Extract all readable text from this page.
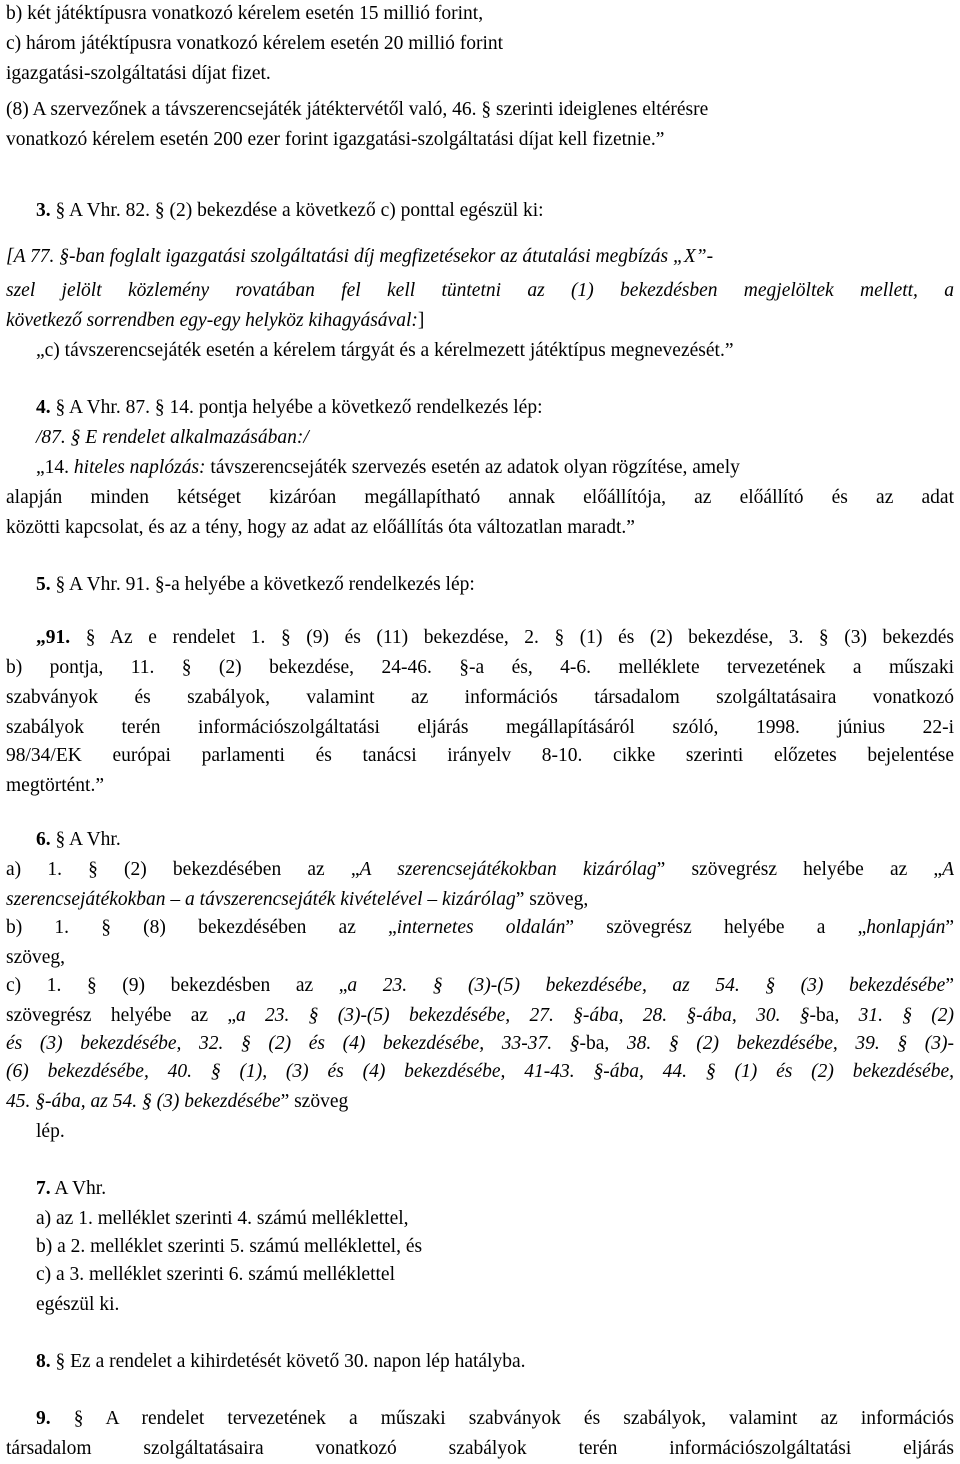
b) két játéktípusra vonatkozó kérelem esetén 15 millió forint,
c) három játéktípusra vonatkozó kérelem esetén 20 millió forint
igazgatási-szolgáltatási díjat fizet.
(8) A szervezőnek a távszerencsejáték játéktervétől való, 46. § szerinti ideiglenes eltérésre
vonatkozó kérelem esetén 200 ezer forint igazgatási-szolgáltatási díjat kell fizetnie.”
3. § A Vhr. 82. § (2) bekezdése a következő c) ponttal egészül ki:
[A 77. §-ban foglalt igazgatási szolgáltatási díj megfizetésekor az átutalási megbízás „X”-
szel jelölt közlemény rovatában fel kell tüntetni az (1) bekezdésben megjelöltek mellett, a
következő sorrendben egy-egy helyköz kihagyásával:]
„c) távszerencsejáték esetén a kérelem tárgyát és a kérelmezett játéktípus megnevezését.”
4. § A Vhr. 87. § 14. pontja helyébe a következő rendelkezés lép:
/87. § E rendelet alkalmazásában:/
„14. hiteles naplózás: távszerencsejáték szervezés esetén az adatok olyan rögzítése, amely
alapján minden kétséget kizáróan megállapítható annak előállítója, az előállító és az adat
közötti kapcsolat, és az a tény, hogy az adat az előállítás óta változatlan maradt.”
5. § A Vhr. 91. §-a helyébe a következő rendelkezés lép:
„91. § Az e rendelet 1. § (9) és (11) bekezdése, 2. § (1) és (2) bekezdése, 3. § (3) bekezdés
b) pontja, 11. § (2) bekezdése, 24-46. §-a és, 4-6. melléklete tervezetének a műszaki
szabványok és szabályok, valamint az információs társadalom szolgáltatásaira vonatkozó
szabályok terén információszolgáltatási eljárás megállapításáról szóló, 1998. június 22-i
98/34/EK európai parlamenti és tanácsi irányelv 8-10. cikke szerinti előzetes bejelentése
megtörtént.”
6. § A Vhr.
a) 1. § (2) bekezdésében az „A szerencsejátékokban kizárólag” szövegrész helyébe az „A
szerencsejátékokban – a távszerencsejáték kivételével – kizárólag” szöveg,
b) 1. § (8) bekezdésében az „internetes oldalán” szövegrész helyébe a „honlapján”
szöveg,
c) 1. § (9) bekezdésben az „a 23. § (3)-(5) bekezdésébe, az 54. § (3) bekezdésébe”
szövegrész helyébe az „a 23. § (3)-(5) bekezdésébe, 27. §-ába, 28. §-ába, 30. §-ba, 31. § (2)
és (3) bekezdésébe, 32. § (2) és (4) bekezdésébe, 33-37. §-ba, 38. § (2) bekezdésébe, 39. § (3)-
(6) bekezdésébe, 40. § (1), (3) és (4) bekezdésébe, 41-43. §-ába, 44. § (1) és (2) bekezdésébe,
45. §-ába, az 54. § (3) bekezdésébe” szöveg
lép.
7. A Vhr.
a) az 1. melléklet szerinti 4. számú melléklettel,
b) a 2. melléklet szerinti 5. számú melléklettel, és
c) a 3. melléklet szerinti 6. számú melléklettel
egészül ki.
8. § Ez a rendelet a kihirdetését követő 30. napon lép hatályba.
9. § A rendelet tervezetének a műszaki szabványok és szabályok, valamint az információs
társadalom szolgáltatásaira vonatkozó szabályok terén információszolgáltatási eljárás
